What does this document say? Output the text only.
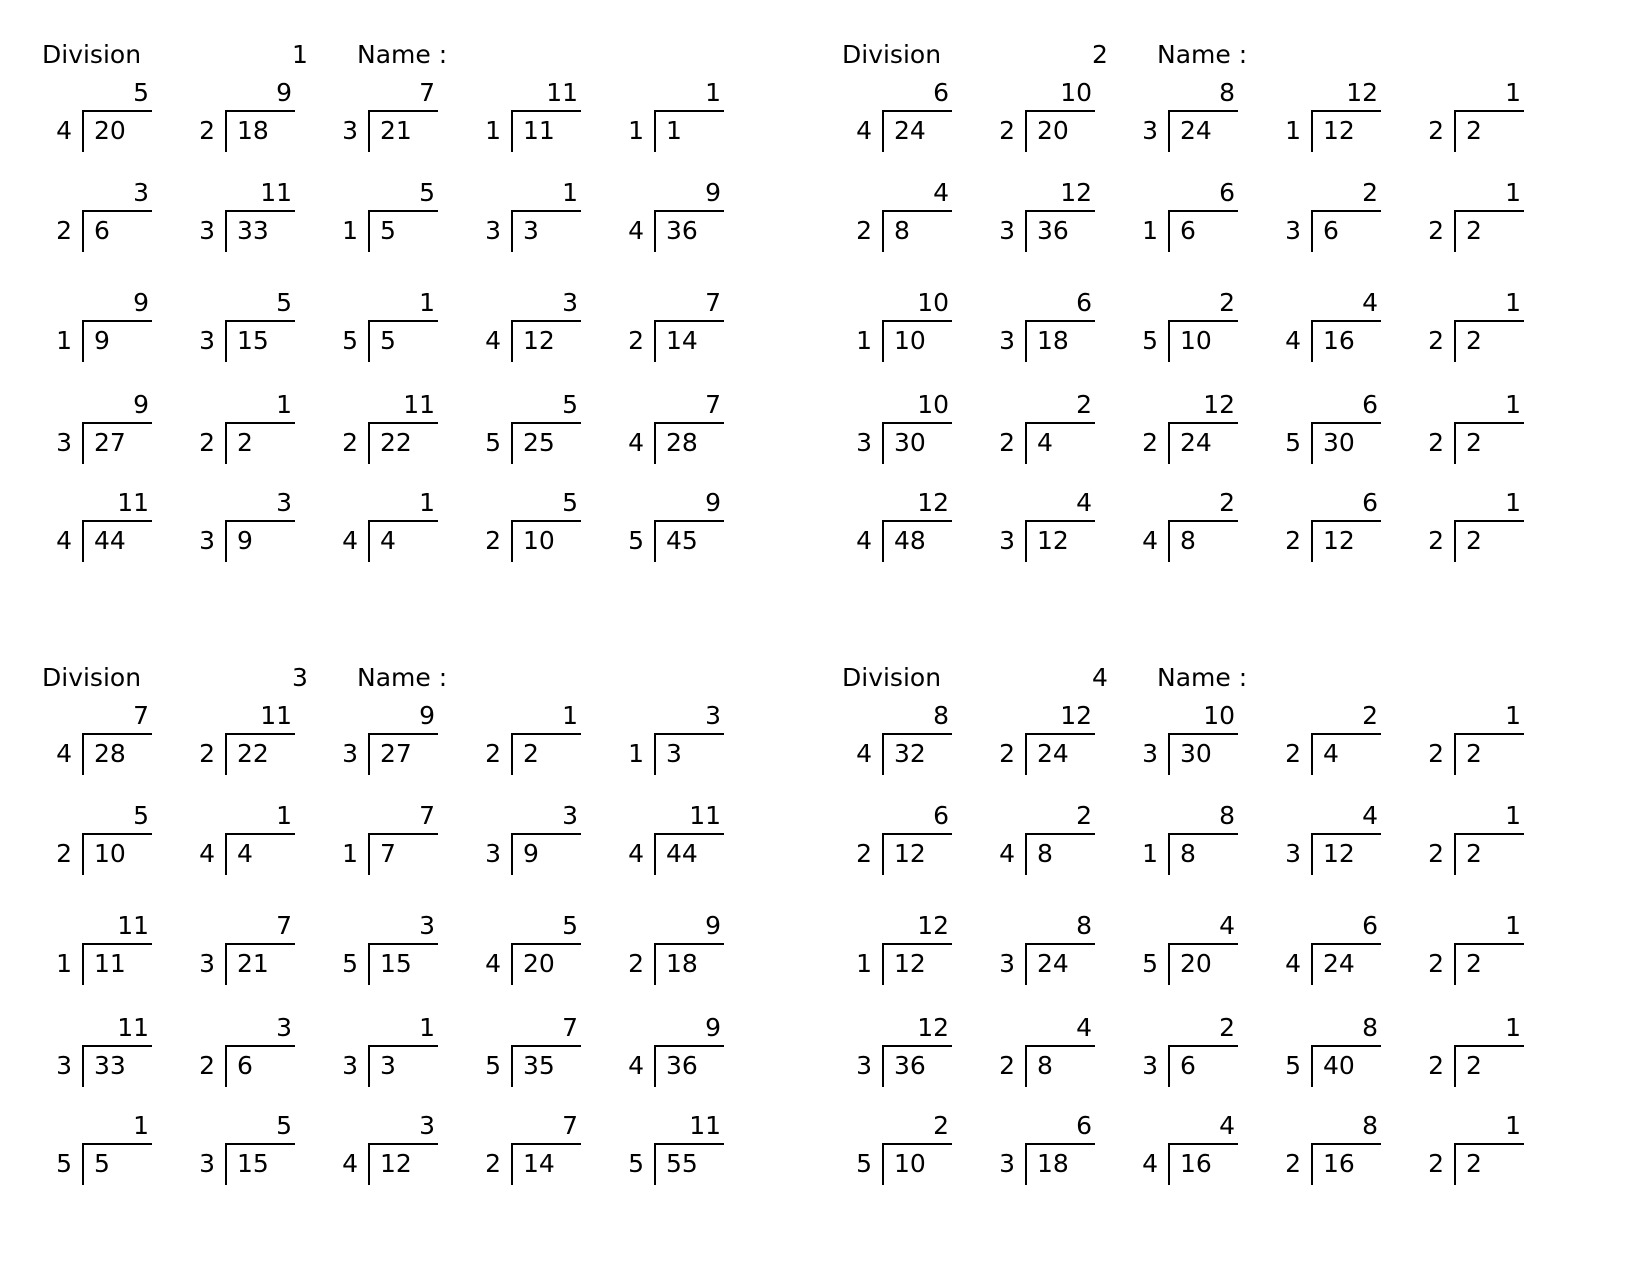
Division	1 Name :
5
4 20
9
2 18
7
3 21
11
1 11
1
1 1
3
2 6
11
3 33
5
1 5
1
3 3
9
4 36
9
1 9
5
3 15
1
5 5
3
4 12
7
2 14
9
3 27
1
2 2
11
2 22
5
5 25
7
4 28
11
4 44
3
3 9
1
4 4
5
2 10
9
5 45
Division	2 Name :
6
4 24
10
2 20
8
3 24
12
1 12
1
2 2
4
2 8
12
3 36
6
1 6
2
3 6
1
2 2
10
1 10
6
3 18
2
5 10
4
4 16
1
2 2
10
3 30
2
2 4
12
2 24
6
5 30
1
2 2
12
4 48
4
3 12
2
4 8
6
2 12
1
2 2
Division	3 Name :
7
4 28
11
2 22
9
3 27
1
2 2
3
1 3
5
2 10
1
4 4
7
1 7
3
3 9
11
4 44
11
1 11
7
3 21
3
5 15
5
4 20
9
2 18
11
3 33
3
2 6
1
3 3
7
5 35
9
4 36
1
5 5
5
3 15
3
4 12
7
2 14
11
5 55
Division	4 Name :
8
4 32
12
2 24
10
3 30
2
2 4
1
2 2
6
2 12
2
4 8
8
1 8
4
3 12
1
2 2
12
1 12
8
3 24
4
5 20
6
4 24
1
2 2
12
3 36
4
2 8
2
3 6
8
5 40
1
2 2
2
5 10
6
3 18
4
4 16
8
2 16
1
2 2
